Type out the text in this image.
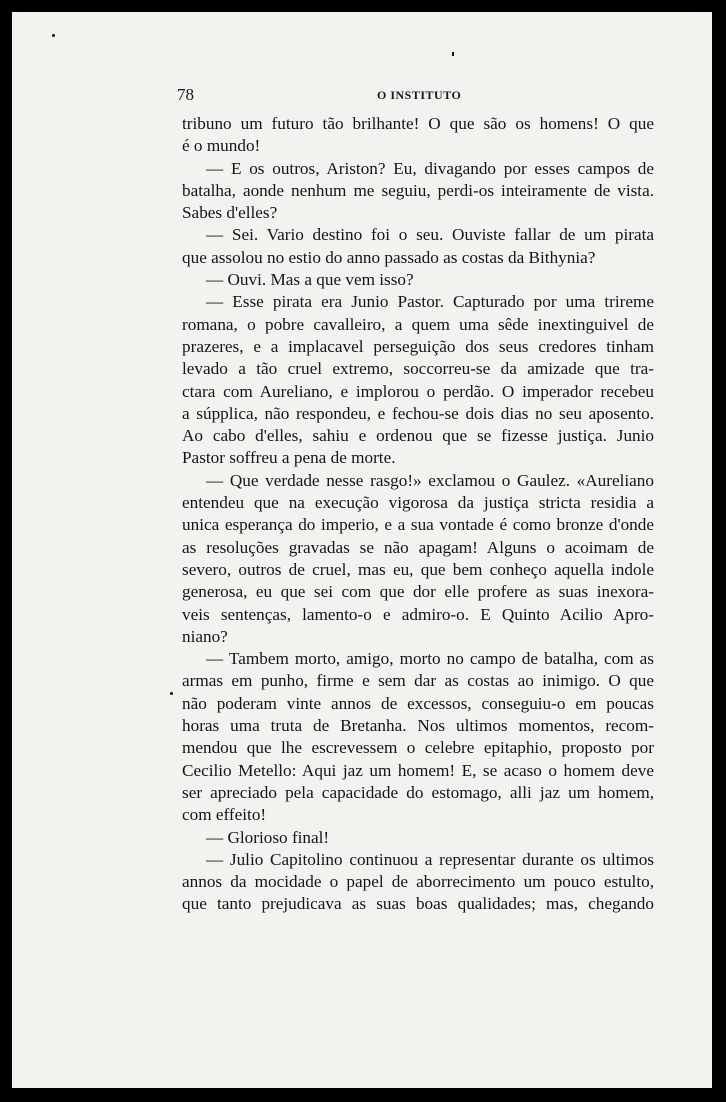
78	O INSTITUTO
tribuno um futuro tão brilhante! O que são os homens! O que
é o mundo!
— E os outros, Ariston? Eu, divagando por esses campos de
batalha, aonde nenhum me seguiu, perdi-os inteiramente de vista.
Sabes d'elles?
— Sei. Vario destino foi o seu. Ouviste fallar de um pirata
que assolou no estio do anno passado as costas da Bithynia?
— Ouvi. Mas a que vem isso?
— Esse pirata era Junio Pastor. Capturado por uma trireme
romana, o pobre cavalleiro, a quem uma sêde inextinguivel de
prazeres, e a implacavel perseguição dos seus credores tinham
levado a tão cruel extremo, soccorreu-se da amizade que tra-
ctara com Aureliano, e implorou o perdão. O imperador recebeu
a súpplica, não respondeu, e fechou-se dois dias no seu aposento.
Ao cabo d'elles, sahiu e ordenou que se fizesse justiça. Junio
Pastor soffreu a pena de morte.
— Que verdade nesse rasgo!» exclamou o Gaulez. «Aureliano
entendeu que na execução vigorosa da justiça stricta residia a
unica esperança do imperio, e a sua vontade é como bronze d'onde
as resoluções gravadas se não apagam! Alguns o acoimam de
severo, outros de cruel, mas eu, que bem conheço aquella indole
generosa, eu que sei com que dor elle profere as suas inexora-
veis sentenças, lamento-o e admiro-o. E Quinto Acilio Apro-
niano?
— Tambem morto, amigo, morto no campo de batalha, com as
armas em punho, firme e sem dar as costas ao inimigo. O que
não poderam vinte annos de excessos, conseguiu-o em poucas
horas uma truta de Bretanha. Nos ultimos momentos, recom-
mendou que lhe escrevessem o celebre epitaphio, proposto por
Cecilio Metello: Aqui jaz um homem! E, se acaso o homem deve
ser apreciado pela capacidade do estomago, alli jaz um homem,
com effeito!
— Glorioso final!
— Julio Capitolino continuou a representar durante os ultimos
annos da mocidade o papel de aborrecimento um pouco estulto,
que tanto prejudicava as suas boas qualidades; mas, chegando
